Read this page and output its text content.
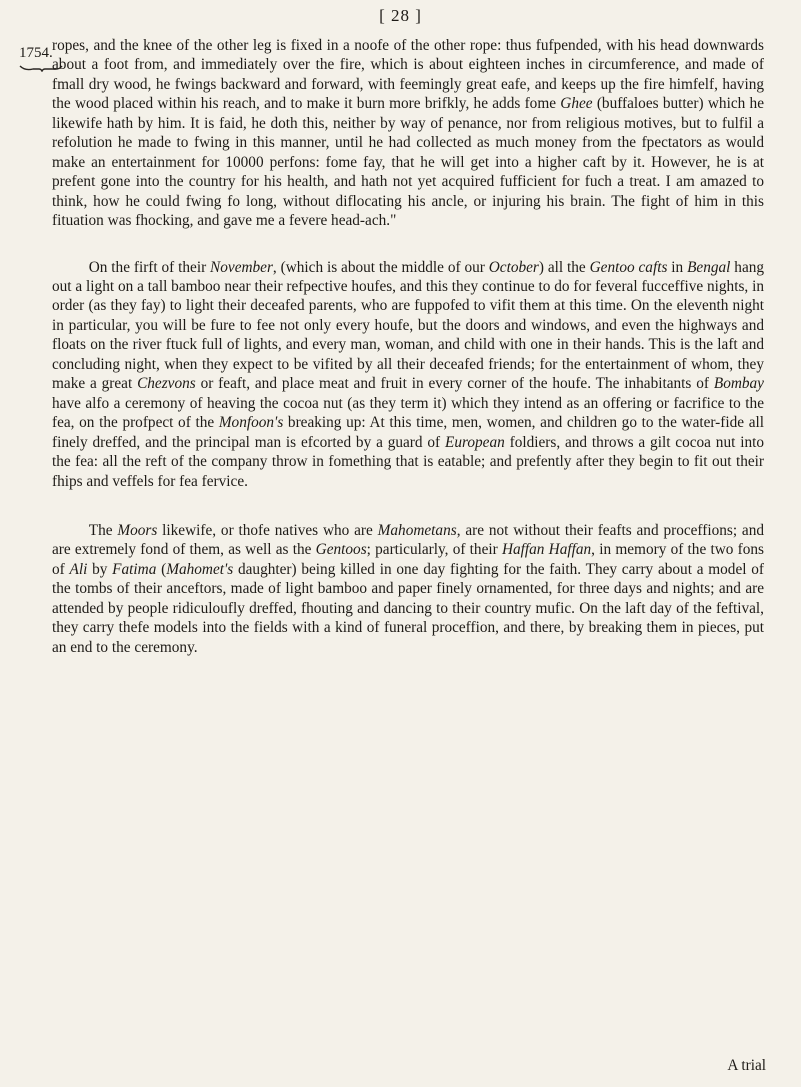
[ 28 ]
1754. ropes, and the knee of the other leg is fixed in a noofe of the other rope: thus fufpended, with his head downwards about a foot from, and immediately over the fire, which is about eighteen inches in circumference, and made of fmall dry wood, he fwings backward and forward, with feemingly great eafe, and keeps up the fire himfelf, having the wood placed within his reach, and to make it burn more brifkly, he adds fome Ghee (buffaloes butter) which he likewife hath by him. It is faid, he doth this, neither by way of penance, nor from religious motives, but to fulfil a refolution he made to fwing in this manner, until he had collected as much money from the fpectators as would make an entertainment for 10000 perfons: fome fay, that he will get into a higher caft by it. However, he is at prefent gone into the country for his health, and hath not yet acquired fufficient for fuch a treat. I am amazed to think, how he could fwing fo long, without diflocating his ancle, or injuring his brain. The fight of him in this fituation was fhocking, and gave me a fevere head-ach."

On the firft of their November, (which is about the middle of our October) all the Gentoo cafts in Bengal hang out a light on a tall bamboo near their refpective houfes, and this they continue to do for feveral fucceffive nights, in order (as they fay) to light their deceafed parents, who are fuppofed to vifit them at this time. On the eleventh night in particular, you will be fure to fee not only every houfe, but the doors and windows, and even the highways and floats on the river ftuck full of lights, and every man, woman, and child with one in their hands. This is the laft and concluding night, when they expect to be vifited by all their deceafed friends; for the entertainment of whom, they make a great Chezvons or feaft, and place meat and fruit in every corner of the houfe. The inhabitants of Bombay have alfo a ceremony of heaving the cocoa nut (as they term it) which they intend as an offering or facrifice to the fea, on the profpect of the Monfoon's breaking up: At this time, men, women, and children go to the water-fide all finely dreffed, and the principal man is efcorted by a guard of European foldiers, and throws a gilt cocoa nut into the fea: all the reft of the company throw in fomething that is eatable; and prefently after they begin to fit out their fhips and veffels for fea fervice.

The Moors likewife, or thofe natives who are Mahometans, are not without their feafts and proceffions; and are extremely fond of them, as well as the Gentoos; particularly, of their Haffan Haffan, in memory of the two fons of Ali by Fatima (Mahomet's daughter) being killed in one day fighting for the faith. They carry about a model of the tombs of their anceftors, made of light bamboo and paper finely ornamented, for three days and nights; and are attended by people ridiculoufly dreffed, fhouting and dancing to their country mufic. On the laft day of the feftival, they carry thefe models into the fields with a kind of funeral proceffion, and there, by breaking them in pieces, put an end to the ceremony.

A trial
